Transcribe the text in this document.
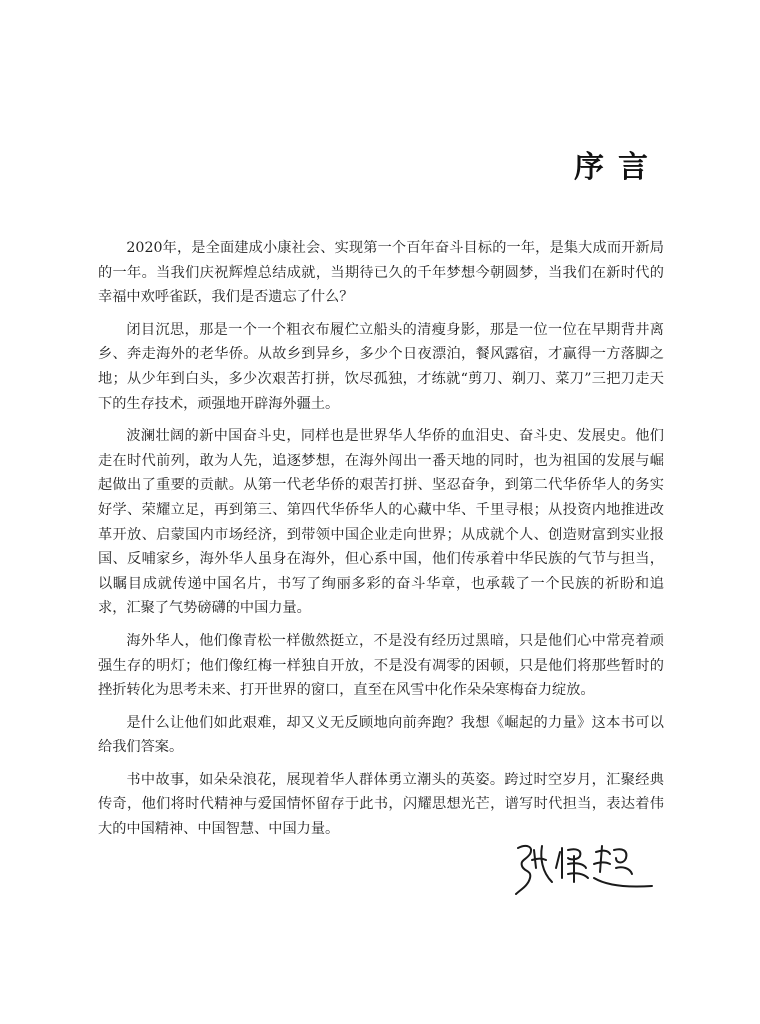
序言

2020年，是全面建成小康社会、实现第一个百年奋斗目标的一年，是集大成而开新局的一年。当我们庆祝辉煌总结成就，当期待已久的千年梦想今朝圆梦，当我们在新时代的幸福中欢呼雀跃，我们是否遗忘了什么？

闭目沉思，那是一个一个粗衣布履伫立船头的清瘦身影，那是一位一位在早期背井离乡、奔走海外的老华侨。从故乡到异乡，多少个日夜漂泊，餐风露宿，才赢得一方落脚之地；从少年到白头，多少次艰苦打拼，饮尽孤独，才练就“剪刀、剃刀、菜刀”三把刀走天下的生存技术，顽强地开辟海外疆土。

波澜壮阔的新中国奋斗史，同样也是世界华人华侨的血泪史、奋斗史、发展史。他们走在时代前列，敢为人先，追逐梦想，在海外闯出一番天地的同时，也为祖国的发展与崛起做出了重要的贡献。从第一代老华侨的艰苦打拼、坚忍奋争，到第二代华侨华人的务实好学、荣耀立足，再到第三、第四代华侨华人的心藏中华、千里寻根；从投资内地推进改革开放、启蒙国内市场经济，到带领中国企业走向世界；从成就个人、创造财富到实业报国、反哺家乡，海外华人虽身在海外，但心系中国，他们传承着中华民族的气节与担当，以瞩目成就传递中国名片，书写了绚丽多彩的奋斗华章，也承载了一个民族的祈盼和追求，汇聚了气势磅礴的中国力量。

海外华人，他们像青松一样傲然挺立，不是没有经历过黑暗，只是他们心中常亮着顽强生存的明灯；他们像红梅一样独自开放，不是没有凋零的困顿，只是他们将那些暂时的挫折转化为思考未来、打开世界的窗口，直至在风雪中化作朵朵寒梅奋力绽放。

是什么让他们如此艰难，却又义无反顾地向前奔跑？我想《崛起的力量》这本书可以给我们答案。

书中故事，如朵朵浪花，展现着华人群体勇立潮头的英姿。跨过时空岁月，汇聚经典传奇，他们将时代精神与爱国情怀留存于此书，闪耀思想光芒，谱写时代担当，表达着伟大的中国精神、中国智慧、中国力量。
